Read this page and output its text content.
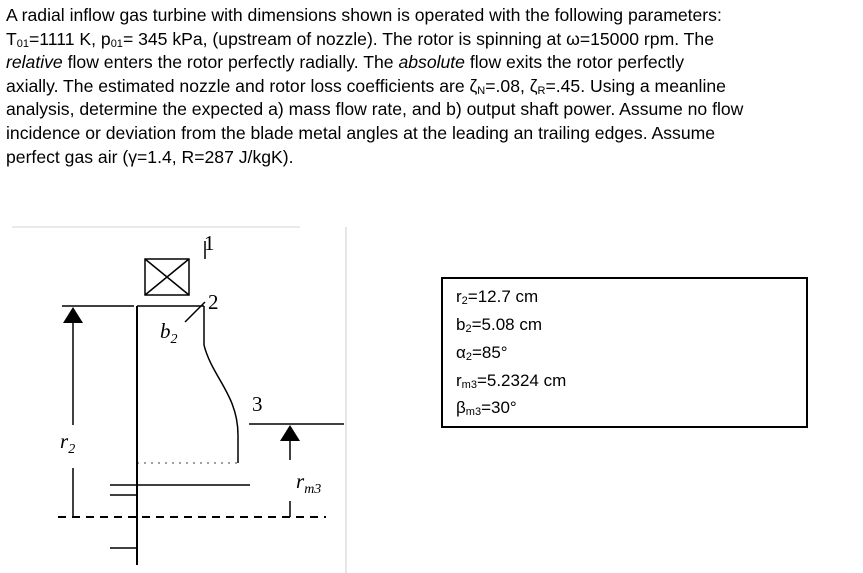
A radial inflow gas turbine with dimensions shown is operated with the following parameters:
$T_{01}=1111$ K, $p_{01}= 345$ kPa, (upstream of nozzle). The rotor is spinning at ω=15000 rpm. The
relative flow enters the rotor perfectly radially. The absolute flow exits the rotor perfectly
axially. The estimated nozzle and rotor loss coefficients are $\zeta_N=.08$, $\zeta_R=.45$. Using a meanline
analysis, determine the expected a) mass flow rate, and b) output shaft power. Assume no flow
incidence or deviation from the blade metal angles at the leading an trailing edges. Assume
perfect gas air (γ=1.4, R=287 J/kgK).
1
2
3
$b_2$
$r_2$
$r_{m3}$
$r_2=12.7$ cm
$b_2=5.08$ cm
$\alpha_2=85^\circ$
$r_{m3}=5.2324$ cm
$\beta_{m3}=30^\circ$
